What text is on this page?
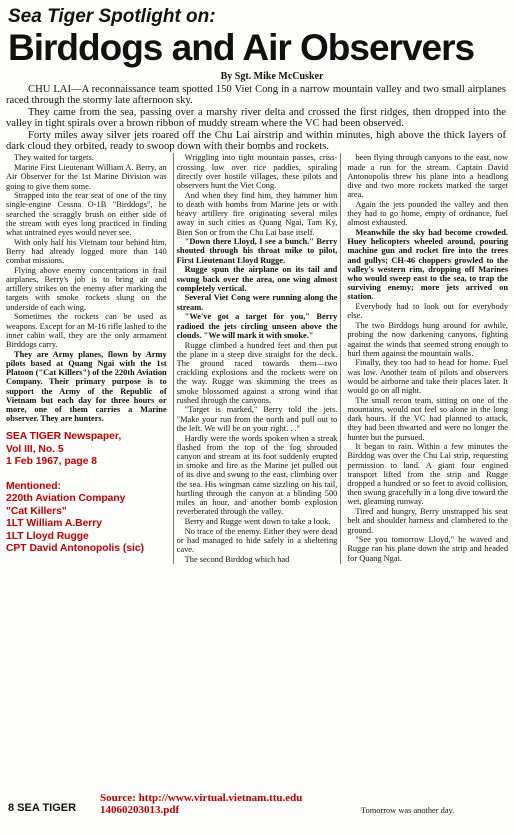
Sea Tiger Spotlight on:
Birddogs and Air Observers
By Sgt. Mike McCusker

CHU LAI—A reconnaissance team spotted 150 Viet Cong in a narrow mountain valley and two small airplanes raced through the stormy late afternoon sky.

They came from the sea, passing over a marshy river delta and crossed the first ridges, then dropped into the valley in tight spirals over a brown ribbon of muddy stream where the VC had been observed.

Forty miles away silver jets roared off the Chu Lai airstrip and within minutes, high above the thick layers of dark cloud they orbited, ready to swoop down with their bombs and rockets.

They waited for targets.

Marine First Lieutenant William A. Berry, an Air Observer for the 1st Marine Division was going to give them some.

Strapped into the rear seat of one of the tiny single-engine Cessna O-1B "Birddogs", he searched the scraggly brush on either side of the stream with eyes long practiced in finding what untrained eyes would never see.

With only half his Vietnam tour behind him, Berry had already logged more than 140 combat missions.

Flying above enemy concentrations in frail airplanes, Berry's job is to bring air and artillery strikes on the enemy after marking the targets with smoke rockets slung on the underside of each wing.

Sometimes the rockets can be used as weapons. Except for an M-16 rifle lashed to the inner cabin wall, they are the only armament Birddogs carry.

They are Army planes, flown by Army pilots based at Quang Ngai with the 1st Platoon ("Cat Killers") of the 220th Aviation Company. Their primary purpose is to support the Army of the Republic of Vietnam but each day for three hours or more, one of them carries a Marine observer. They are hunters.

SEA TIGER Newspaper,
Vol III, No. 5
1 Feb 1967, page 8
Mentioned:
220th Aviation Company
"Cat Killers"
1LT William A.Berry
1LT Lloyd Rugge
CPT David Antonopolis (sic)

Wriggling into tight mountain passes, criss-crossing low over rice paddies, spiraling directly over hostile villages, these pilots and observers hunt the Viet Cong.

And when they find him, they hammer him to death with bombs from Marine jets or with heavy artillery fire originating several miles away in such cities as Quang Ngai, Tam Ky, Bien Son or from the Chu Lai base itself.

"Down there Lloyd, I see a bunch." Berry shouted through his throat mike to pilot, First Lieutenant Lloyd Rugge.

Rugge spun the airplane on its tail and swung back over the area, one wing almost completely vertical.

Several Viet Cong were running along the stream.

"We've got a target for you," Berry radioed the jets circling unseen above the clouds. "We will mark it with smoke."

Rugge climbed a hundred feet and then put the plane in a steep dive straight for the deck. The ground raced towards them—two crackling explosions and the rockets were on the way. Rugge was skimming the trees as smoke blossomed against a strong wind that rushed through the canyons.

"Target is marked," Berry told the jets. "Make your run from the north and pull out to the left. We will be on your right. . ."

Hardly were the words spoken when a streak flashed from the top of the fog shrouded canyon and stream at its foot suddenly erupted in smoke and fire as the Marine jet pulled out of its dive and swung to the east, climbing over the sea. His wingman came sizzling on his tail, hurtling through the canyon at a blinding 500 miles an hour, and another bomb explosion reverberated through the valley.

Berry and Rugge went down to take a look.

No trace of the enemy. Either they were dead or had managed to hide safely in a sheltering cave.

The second Birddog which had

been flying through canyons to the east, now made a run for the stream. Captain David Antonopolis threw his plane into a headlong dive and two more rockets marked the target area.

Again the jets pounded the valley and then they had to go home, empty of ordnance, fuel almost exhausted.

Meanwhile the sky had become crowded. Huey helicopters wheeled around, pouring machine gun and rocket fire into the trees and gullys; CH-46 choppers growled to the valley's western rim, dropping off Marines who would sweep east to the sea, to trap the surviving enemy; more jets arrived on station.

Everybody had to look out for everybody else.

The two Birddogs hung around for awhile, probing the now darkening canyons, fighting against the winds that seemed strong enough to hurl them against the mountain walls.

Finally, they too had to head for home. Fuel was low. Another team of pilots and observers would be airborne and take their places later. It would go on all night.

The small recon team, sitting on one of the mountains, would not feel so alone in the long dark hours. If the VC had planned to attack, they had been thwarted and were no longer the hunter but the pursued.

It began to rain. Within a few minutes the Birddog was over the Chu Lai strip, requesting permission to land. A giant four engined transport lifted from the strip and Rugge dropped a hundred or so feet to avoid collision, then swung gracefully in a long dive toward the wet, gleaming runway.

Tired and hungry, Berry unstrapped his seat belt and shoulder harness and clambered to the ground.

"See you tomorrow Lloyd," he waved and Rugge ran his plane down the strip and headed for Quang Ngai.

8 SEA TIGER
Source: http://www.virtual.vietnam.ttu.edu
14060203013.pdf	Tomorrow was another day.
